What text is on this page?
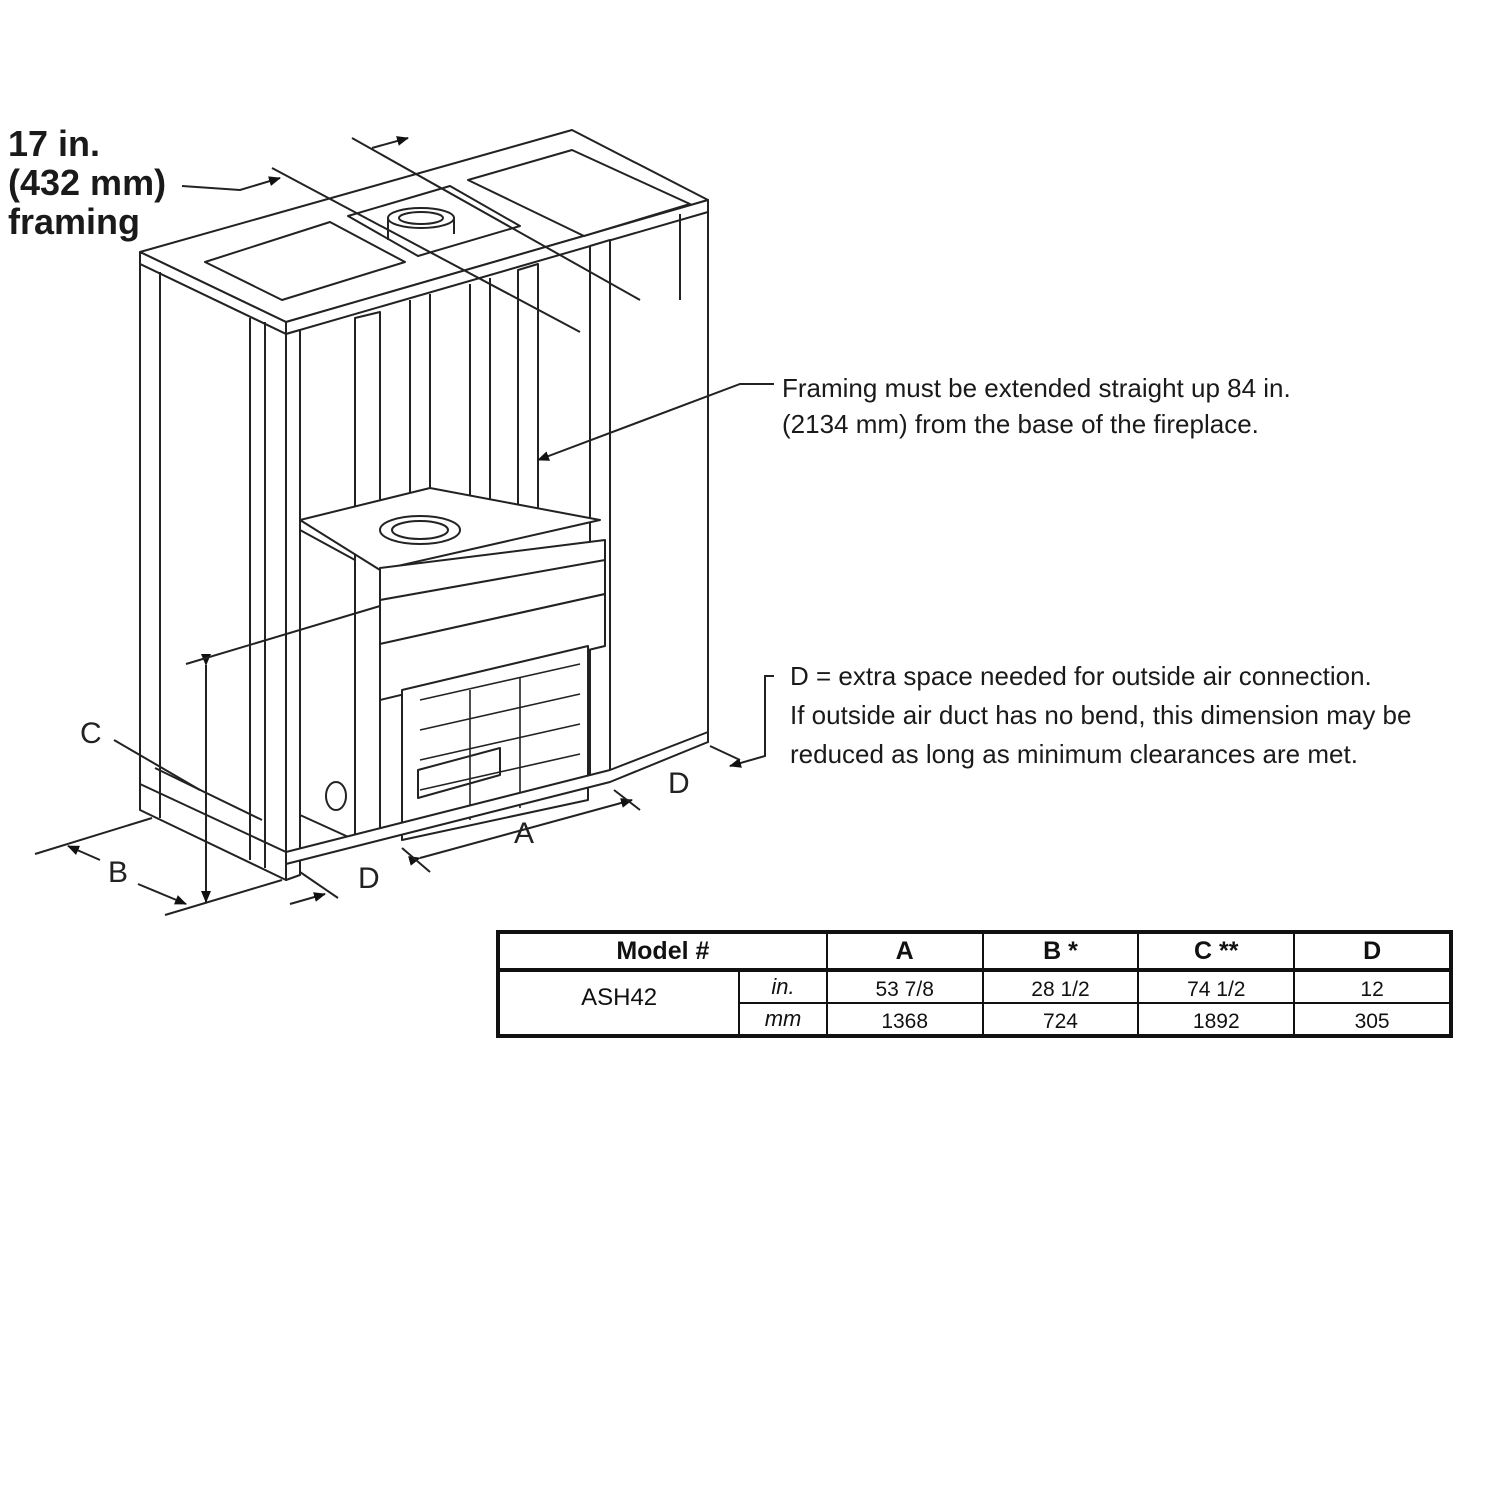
A
B
C
D
D
17 in.
(432 mm)
framing
Framing must be extended straight up 84 in.
(2134 mm) from the base of the fireplace.
D = extra space needed for outside air connection.
If outside air duct has no bend, this dimension may be
reduced as long as minimum clearances are met.
Model #		A	B *	C **	D
ASH42	in.	53 7/8	28 1/2	74 1/2	12
	mm	1368	724	1892	305
